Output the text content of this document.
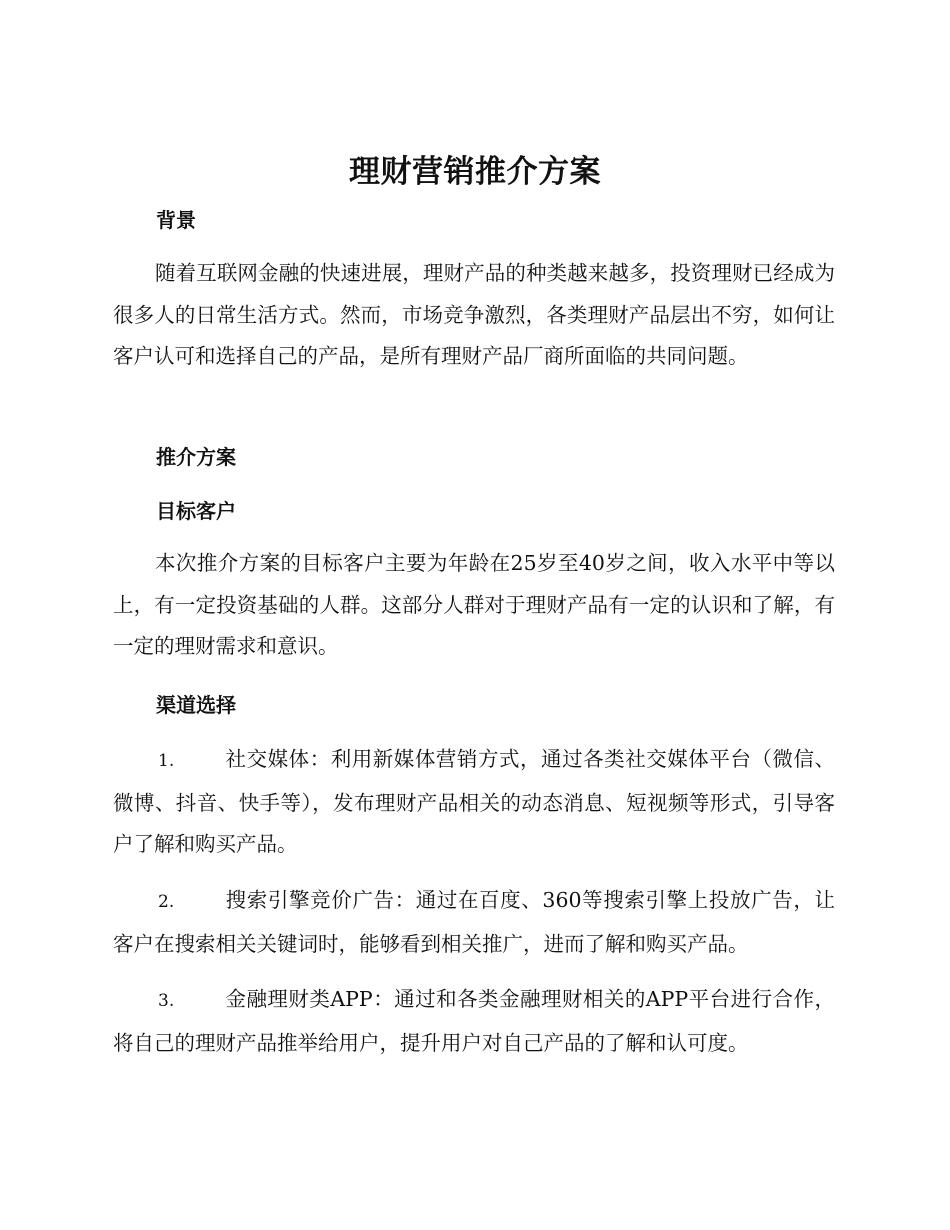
理财营销推介方案
背景

随着互联网金融的快速进展，理财产品的种类越来越多，投资理财已经成为很多人的日常生活方式。然而，市场竞争激烈，各类理财产品层出不穷，如何让客户认可和选择自己的产品，是所有理财产品厂商所面临的共同问题。

推介方案
目标客户

本次推介方案的目标客户主要为年龄在25岁至40岁之间，收入水平中等以上，有一定投资基础的人群。这部分人群对于理财产品有一定的认识和了解，有一定的理财需求和意识。

渠道选择

1. 社交媒体：利用新媒体营销方式，通过各类社交媒体平台（微信、微博、抖音、快手等），发布理财产品相关的动态消息、短视频等形式，引导客户了解和购买产品。

2. 搜索引擎竞价广告：通过在百度、360等搜索引擎上投放广告，让客户在搜索相关关键词时，能够看到相关推广，进而了解和购买产品。

3. 金融理财类APP：通过和各类金融理财相关的APP平台进行合作，将自己的理财产品推举给用户，提升用户对自己产品的了解和认可度。
